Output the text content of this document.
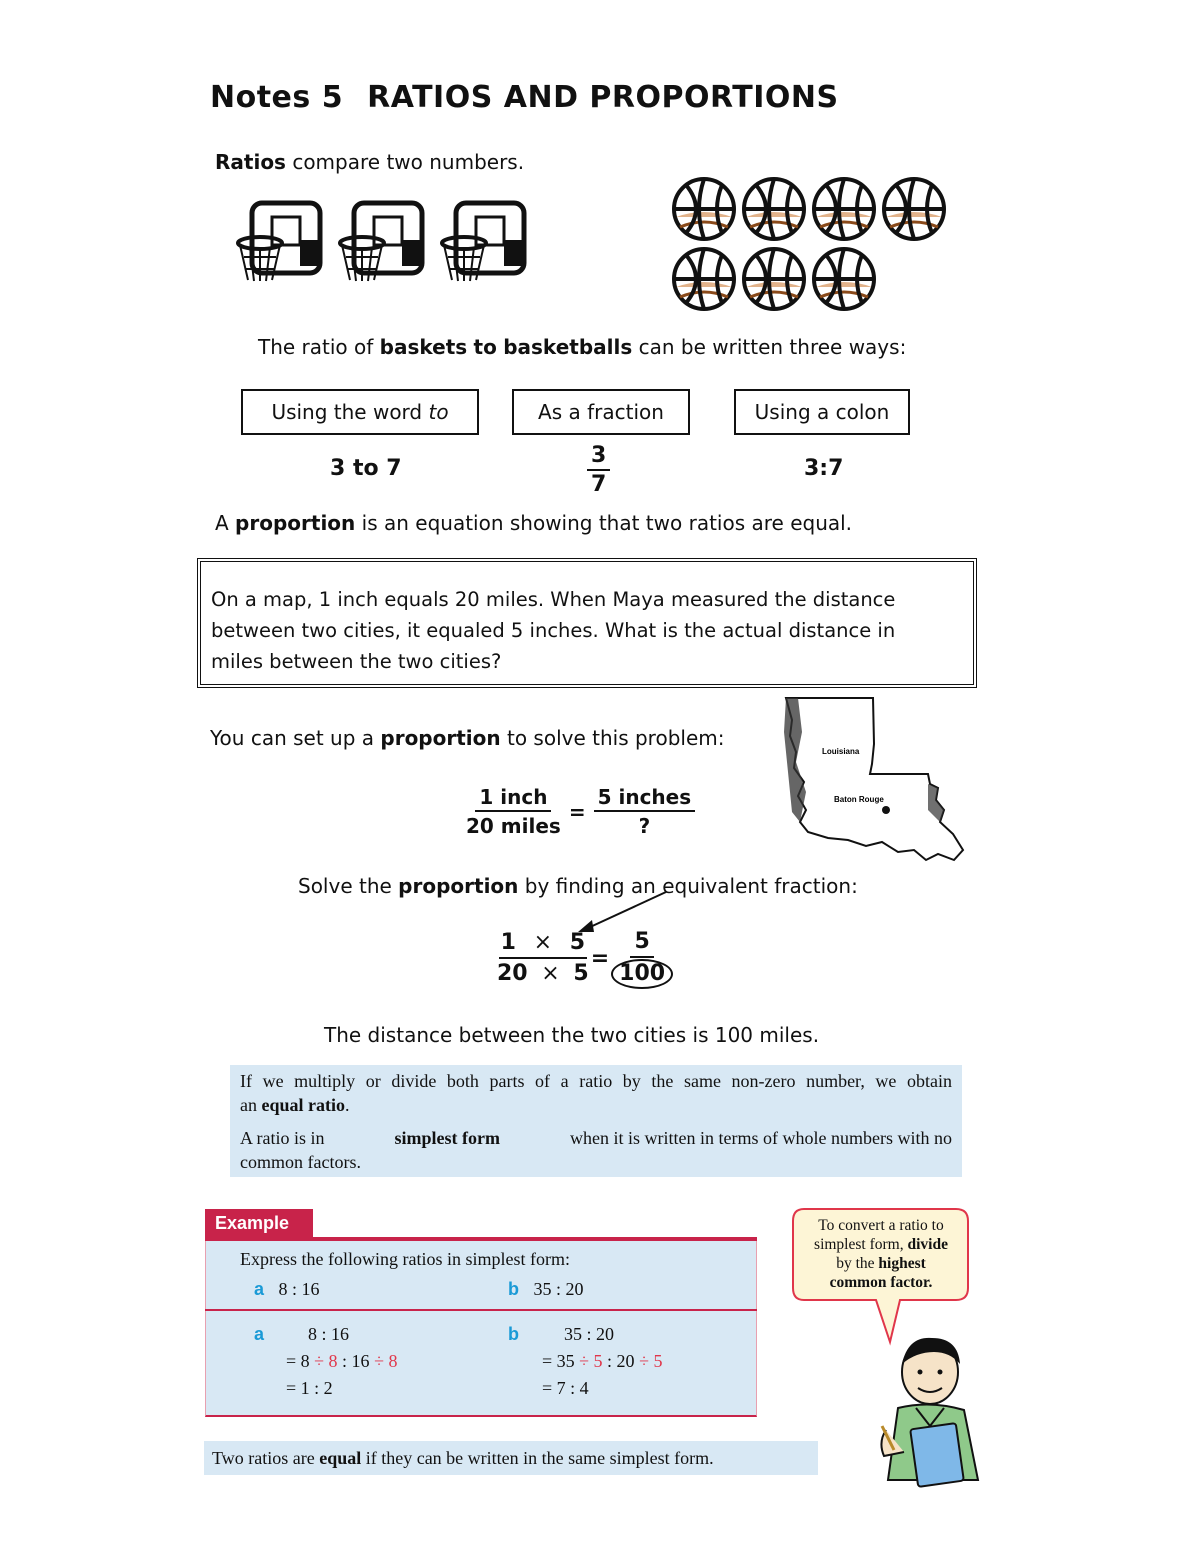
Notes 5 RATIOS AND PROPORTIONS
Ratios compare two numbers.
The ratio of baskets to basketballs can be written three ways:
Using the word to	As a fraction	Using a colon
3 to 7	$\frac{3}{7}$	3:7
A proportion is an equation showing that two ratios are equal.
On a map, 1 inch equals 20 miles. When Maya measured the distance
between two cities, it equaled 5 inches. What is the actual distance in
miles between the two cities?
You can set up a proportion to solve this problem:
$\frac{\text{1 inch}}{\text{20 miles}} = \frac{\text{5 inches}}{?}$
Louisiana
Baton Rouge
Solve the proportion by finding an equivalent fraction:
$\frac{1 \times 5}{20 \times 5} = \frac{5}{100}$
The distance between the two cities is 100 miles.
If we multiply or divide both parts of a ratio by the same non-zero number, we obtain
an equal ratio.
A ratio is in	simplest form	when it is written in terms of whole numbers with no
common factors.
Example
Express the following ratios in simplest form:
a 8 : 16	b 35 : 20
a 8 : 16
= 8 ÷ 8 : 16 ÷ 8
= 1 : 2
b	35 : 20
= 35 ÷ 5 : 20 ÷ 5
= 7 : 4
To convert a ratio to
simplest form, divide
by the highest
common factor.
Two ratios are equal if they can be written in the same simplest form.
